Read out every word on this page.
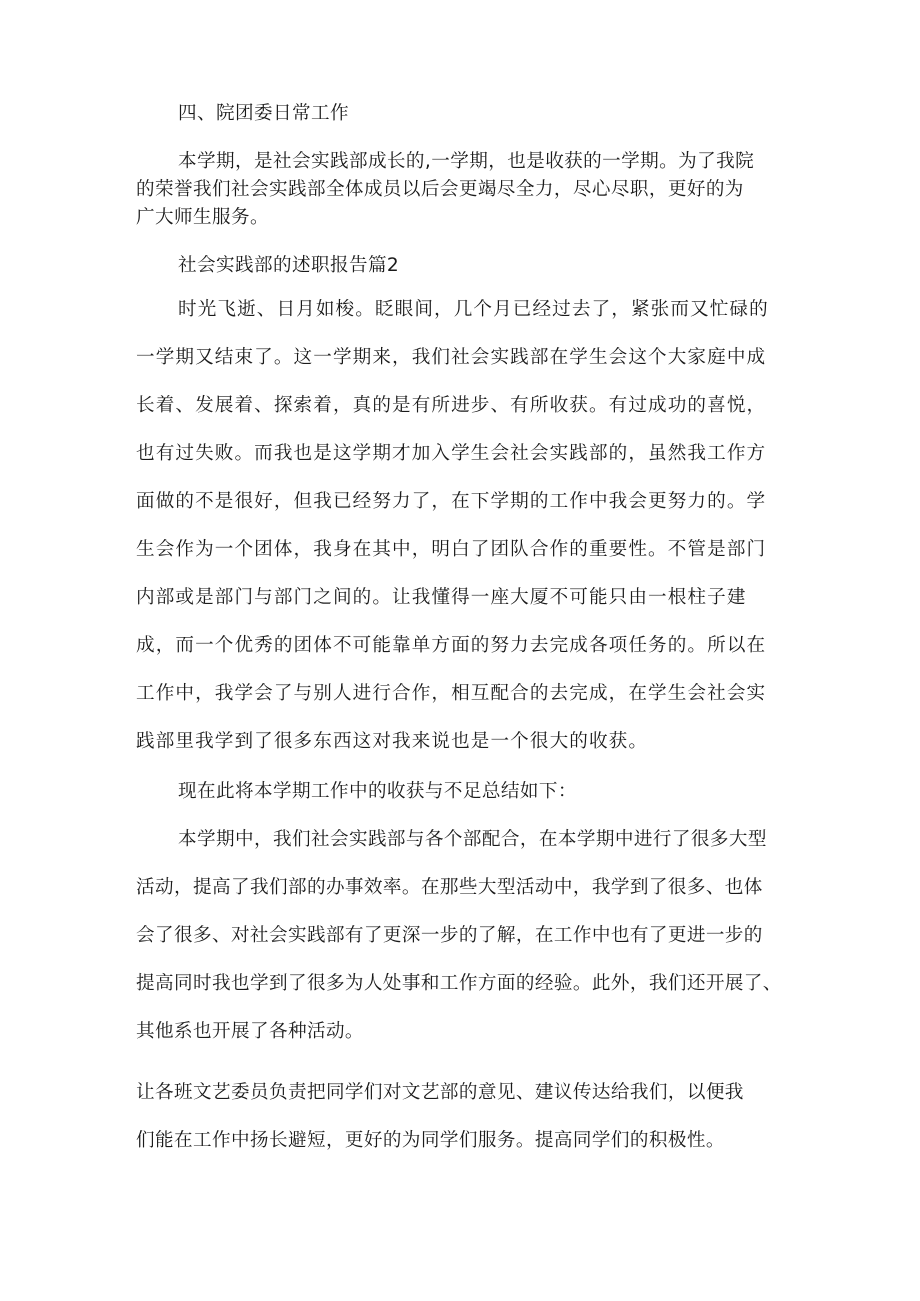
四、院团委日常工作
本学期，是社会实践部成长的,一学期，也是收获的一学期。为了我院
的荣誉我们社会实践部全体成员以后会更竭尽全力，尽心尽职，更好的为
广大师生服务。
社会实践部的述职报告篇2
时光飞逝、日月如梭。眨眼间，几个月已经过去了，紧张而又忙碌的
一学期又结束了。这一学期来，我们社会实践部在学生会这个大家庭中成
长着、发展着、探索着，真的是有所进步、有所收获。有过成功的喜悦，
也有过失败。而我也是这学期才加入学生会社会实践部的，虽然我工作方
面做的不是很好，但我已经努力了，在下学期的工作中我会更努力的。学
生会作为一个团体，我身在其中，明白了团队合作的重要性。不管是部门
内部或是部门与部门之间的。让我懂得一座大厦不可能只由一根柱子建
成，而一个优秀的团体不可能靠单方面的努力去完成各项任务的。所以在
工作中，我学会了与别人进行合作，相互配合的去完成，在学生会社会实
践部里我学到了很多东西这对我来说也是一个很大的收获。
现在此将本学期工作中的收获与不足总结如下：
本学期中，我们社会实践部与各个部配合，在本学期中进行了很多大型
活动，提高了我们部的办事效率。在那些大型活动中，我学到了很多、也体
会了很多、对社会实践部有了更深一步的了解，在工作中也有了更进一步的
提高同时我也学到了很多为人处事和工作方面的经验。此外，我们还开展了、
其他系也开展了各种活动。
让各班文艺委员负责把同学们对文艺部的意见、建议传达给我们，以便我
们能在工作中扬长避短，更好的为同学们服务。提高同学们的积极性。
